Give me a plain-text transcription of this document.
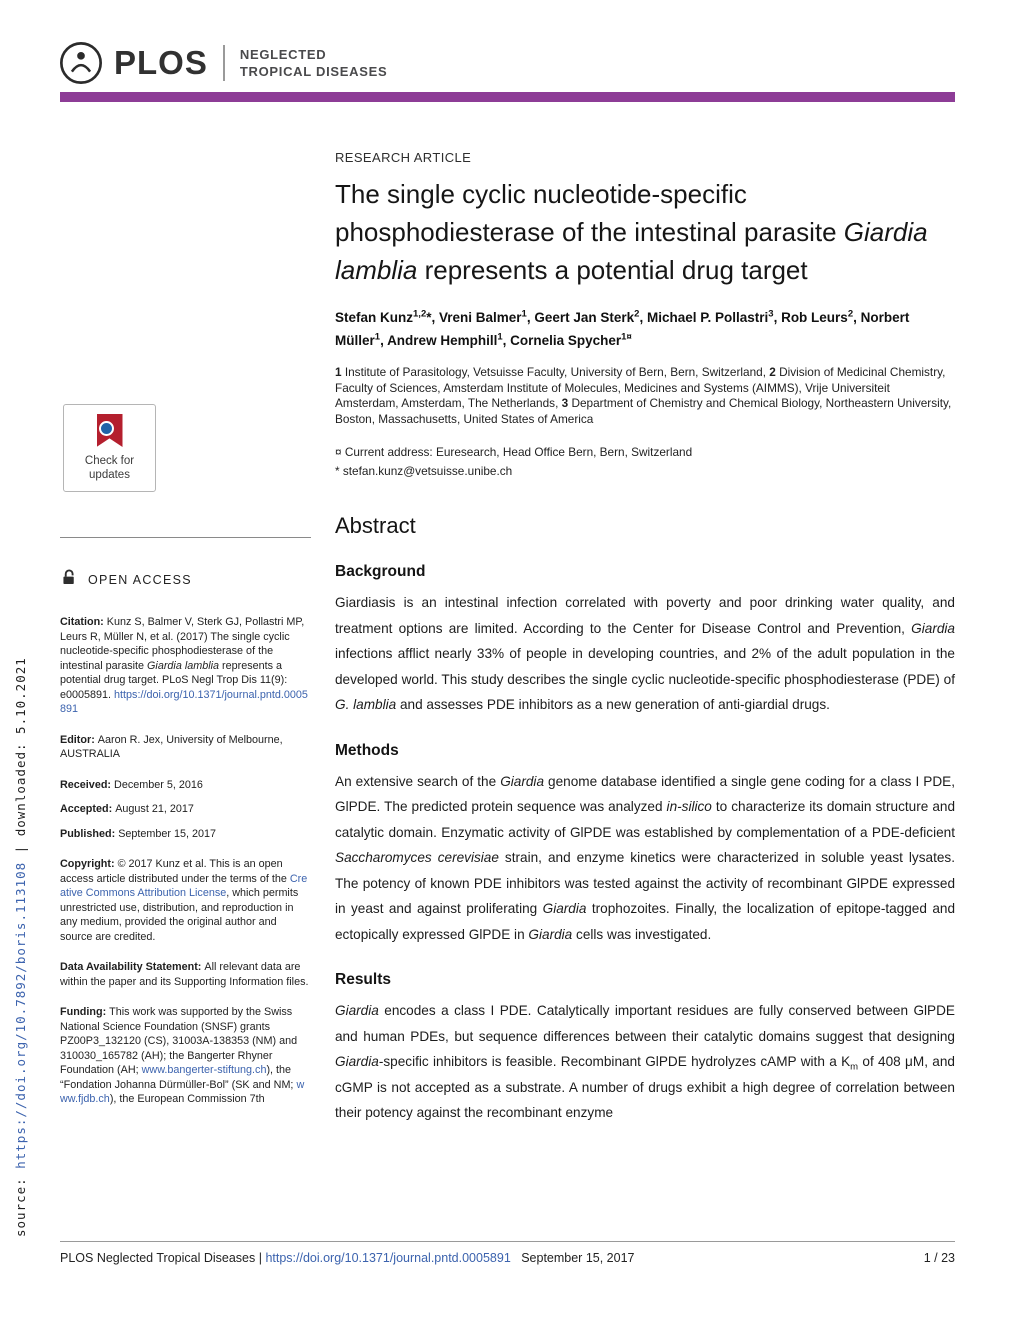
PLOS NEGLECTED
TROPICAL DISEASES
Check for
updates
OPEN ACCESS

Citation: Kunz S, Balmer V, Sterk GJ, Pollastri MP, Leurs R, Müller N, et al. (2017) The single cyclic nucleotide-specific phosphodiesterase of the intestinal parasite Giardia lamblia represents a potential drug target. PLoS Negl Trop Dis 11(9): e0005891. https://doi.org/10.1371/journal.pntd.0005891

Editor: Aaron R. Jex, University of Melbourne, AUSTRALIA

Received: December 5, 2016

Accepted: August 21, 2017

Published: September 15, 2017

Copyright: © 2017 Kunz et al. This is an open access article distributed under the terms of the Creative Commons Attribution License, which permits unrestricted use, distribution, and reproduction in any medium, provided the original author and source are credited.

Data Availability Statement: All relevant data are within the paper and its Supporting Information files.

Funding: This work was supported by the Swiss National Science Foundation (SNSF) grants PZ00P3_132120 (CS), 31003A-138353 (NM) and 310030_165782 (AH); the Bangerter Rhyner Foundation (AH; www.bangerter-stiftung.ch), the “Fondation Johanna Dürmüller-Bol” (SK and NM; www.fjdb.ch), the European Commission 7th

RESEARCH ARTICLE
The single cyclic nucleotide-specific phosphodiesterase of the intestinal parasite Giardia lamblia represents a potential drug target

Stefan Kunz$^{1,2}$*, Vreni Balmer$^1$, Geert Jan Sterk$^2$, Michael P. Pollastri$^3$, Rob Leurs$^2$, Norbert Müller$^1$, Andrew Hemphill$^1$, Cornelia Spycher$^{1¤}$

1 Institute of Parasitology, Vetsuisse Faculty, University of Bern, Bern, Switzerland, 2 Division of Medicinal Chemistry, Faculty of Sciences, Amsterdam Institute of Molecules, Medicines and Systems (AIMMS), Vrije Universiteit Amsterdam, Amsterdam, The Netherlands, 3 Department of Chemistry and Chemical Biology, Northeastern University, Boston, Massachusetts, United States of America

¤ Current address: Euresearch, Head Office Bern, Bern, Switzerland

* stefan.kunz@vetsuisse.unibe.ch

Abstract
Background

Giardiasis is an intestinal infection correlated with poverty and poor drinking water quality, and treatment options are limited. According to the Center for Disease Control and Prevention, Giardia infections afflict nearly 33% of people in developing countries, and 2% of the adult population in the developed world. This study describes the single cyclic nucleotide-specific phosphodiesterase (PDE) of G. lamblia and assesses PDE inhibitors as a new generation of anti-giardial drugs.

Methods

An extensive search of the Giardia genome database identified a single gene coding for a class I PDE, GlPDE. The predicted protein sequence was analyzed in-silico to characterize its domain structure and catalytic domain. Enzymatic activity of GlPDE was established by complementation of a PDE-deficient Saccharomyces cerevisiae strain, and enzyme kinetics were characterized in soluble yeast lysates. The potency of known PDE inhibitors was tested against the activity of recombinant GlPDE expressed in yeast and against proliferating Giardia trophozoites. Finally, the localization of epitope-tagged and ectopically expressed GlPDE in Giardia cells was investigated.

Results

Giardia encodes a class I PDE. Catalytically important residues are fully conserved between GlPDE and human PDEs, but sequence differences between their catalytic domains suggest that designing Giardia-specific inhibitors is feasible. Recombinant GlPDE hydrolyzes cAMP with a $K_m$ of 408 μM, and cGMP is not accepted as a substrate. A number of drugs exhibit a high degree of correlation between their potency against the recombinant enzyme

source: https://doi.org/10.7892/boris.113108 | downloaded: 5.10.2021
PLOS Neglected Tropical Diseases | https://doi.org/10.1371/journal.pntd.0005891   September 15, 2017	1 / 23
